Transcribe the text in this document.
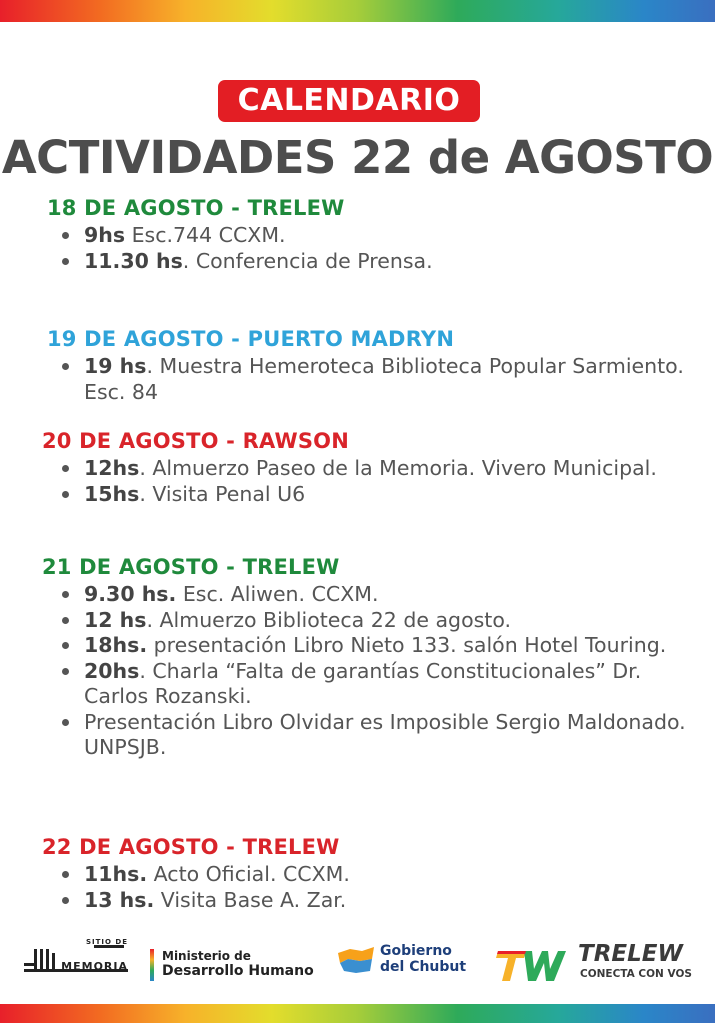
CALENDARIO
ACTIVIDADES 22 de AGOSTO
18 DE AGOSTO - TRELEW
9hs Esc.744 CCXM.
11.30 hs. Conferencia de Prensa.
19 DE AGOSTO - PUERTO MADRYN
19 hs. Muestra Hemeroteca Biblioteca Popular Sarmiento. Esc. 84
20 DE AGOSTO - RAWSON
12hs. Almuerzo Paseo de la Memoria. Vivero Municipal.
15hs. Visita Penal U6
21 DE AGOSTO - TRELEW
9.30 hs. Esc. Aliwen. CCXM.
12 hs. Almuerzo Biblioteca 22 de agosto.
18hs. presentación Libro Nieto 133. salón Hotel Touring.
20hs. Charla “Falta de garantías Constitucionales” Dr. Carlos Rozanski.
Presentación Libro Olvidar es Imposible Sergio Maldonado. UNPSJB.
22 DE AGOSTO - TRELEW
11hs. Acto Oficial. CCXM.
13 hs. Visita Base A. Zar.
SITIO DE
MEMORIA
Ministerio de
Desarrollo Humano
Gobierno
del Chubut	TRELEW
CONECTA CON VOS
